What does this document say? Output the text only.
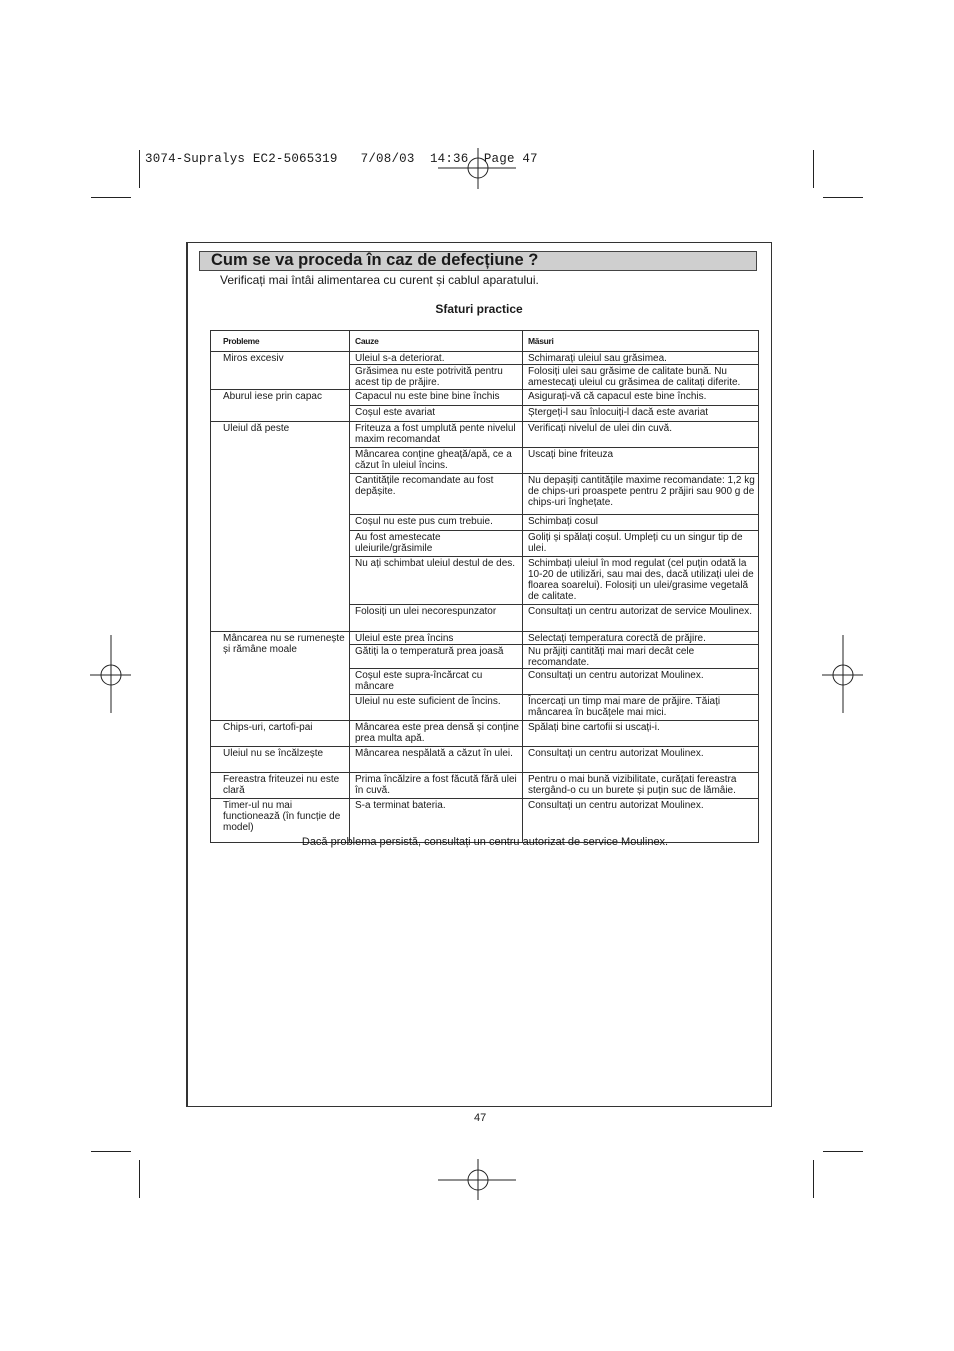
3074-Supralys EC2-5065319   7/08/03  14:36  Page 47
Cum se va proceda în caz de defecțiune ?
Verificați mai întâi alimentarea cu curent și cablul aparatului.
Sfaturi practice
Probleme	Cauze	Măsuri
Miros excesiv	Uleiul s-a deteriorat.	Schimarați uleiul sau grăsimea.
	Grăsimea nu este potrivită pentru acest tip de prăjire.	Folosiți ulei sau grăsime de calitate bună. Nu amestecați uleiul cu grăsimea de calitați diferite.
Aburul iese prin capac	Capacul nu este bine bine închis	Asigurați-vă că capacul este bine închis.
	Coșul este avariat	Ștergeți-l sau înlocuiți-l dacă este avariat
Uleiul dă peste	Friteuza a fost umplută pente nivelul maxim recomandat	Verificați nivelul de ulei din cuvă.
	Mâncarea conține gheață/apă, ce a căzut în uleiul încins.	Uscați bine friteuza
	Cantitățile recomandate au fost depășite.	Nu depașiți cantitățile maxime recomandate: 1,2 kg de chips-uri proaspete pentru 2 prăjiri sau 900 g de chips-uri înghețate.
	Coșul nu este pus cum trebuie.	Schimbați cosul
	Au fost amestecate uleiurile/grăsimile	Goliți și spălați coșul. Umpleți cu un singur tip de ulei.
	Nu ați schimbat uleiul destul de des.	Schimbați uleiul în mod regulat (cel puțin odată la 10-20 de utilizări, sau mai des, dacă utilizați ulei de floarea soarelui). Folosiți un ulei/grasime vegetală de calitate.
	Folosiți un ulei necorespunzator	Consultați un centru autorizat de service Moulinex.
Mâncarea nu se rumenește și rămâne moale	Uleiul este prea încins	Selectați temperatura corectă de prăjire.
	Gătiți la o temperatură prea joasă	Nu prăjiți cantități mai mari decât cele recomandate.
	Coșul este supra-încărcat cu mâncare	Consultați un centru autorizat Moulinex.
	Uleiul nu este suficient de încins.	Încercați un timp mai mare de prăjire. Tăiați mâncarea în bucățele mai mici.
Chips-uri, cartofi-pai	Mâncarea este prea densă și conține prea multa apă.	Spălați bine cartofii si uscați-i.
Uleiul nu se încălzește	Mâncarea nespălată a căzut în ulei.	Consultați un centru autorizat Moulinex.
Fereastra friteuzei nu este clară	Prima încălzire a fost făcută fără ulei în cuvă.	Pentru o mai bună vizibilitate, curățati fereastra stergând-o cu un burete și puțin suc de lămâie.
Timer-ul nu mai functionează (în funcție de model)	S-a terminat bateria.	Consultați un centru autorizat Moulinex.
Dacă problema persistă, consultați un centru autorizat de service Moulinex.
47
